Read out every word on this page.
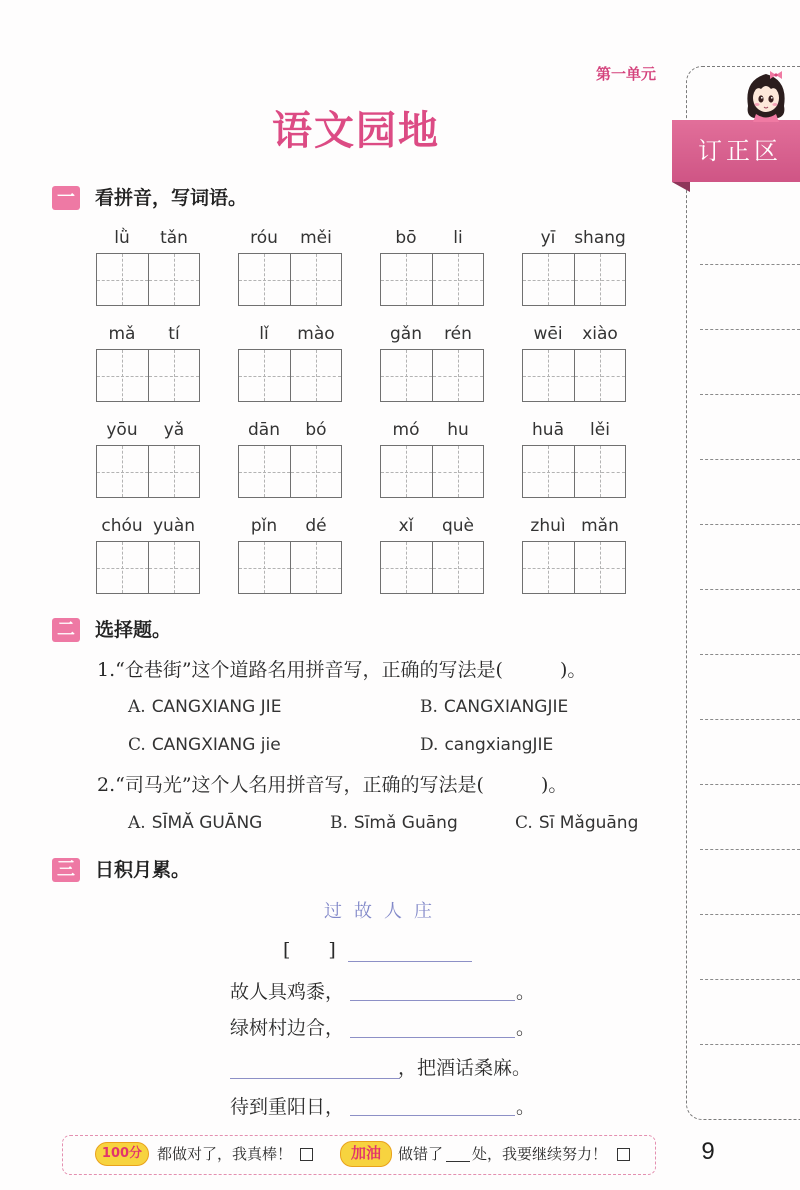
第一单元
语文园地	订正区
一 看拼音，写词语。
lǜ	tǎn	róu	měi	bō	li	yī	shang
mǎ	tí	lǐ	mào	gǎn	rén	wēi	xiào
yōu	yǎ	dān	bó	mó	hu	huā	lěi
chóu yuàn	pǐn	dé	xǐ	què	zhuì mǎn
二 选择题。
1.“仓巷街”这个道路名用拼音写，正确的写法是(　　　)。
A. CANGXIANG JIE	B. CANGXIANGJIE
C. CANGXIANG jie	D. cangxiangJIE
2.“司马光”这个人名用拼音写，正确的写法是(　　　)。
A. SĪMĂ GUĀNG	B. Sīmǎ Guāng	C. Sī Mǎguāng
三 日积月累。
过故人庄
[　　]
故人具鸡黍，	。
绿树村边合，	。
，把酒话桑麻。
待到重阳日，	。
100分 都做对了，我真棒！	加油	做错了 处，我要继续努力！	9
